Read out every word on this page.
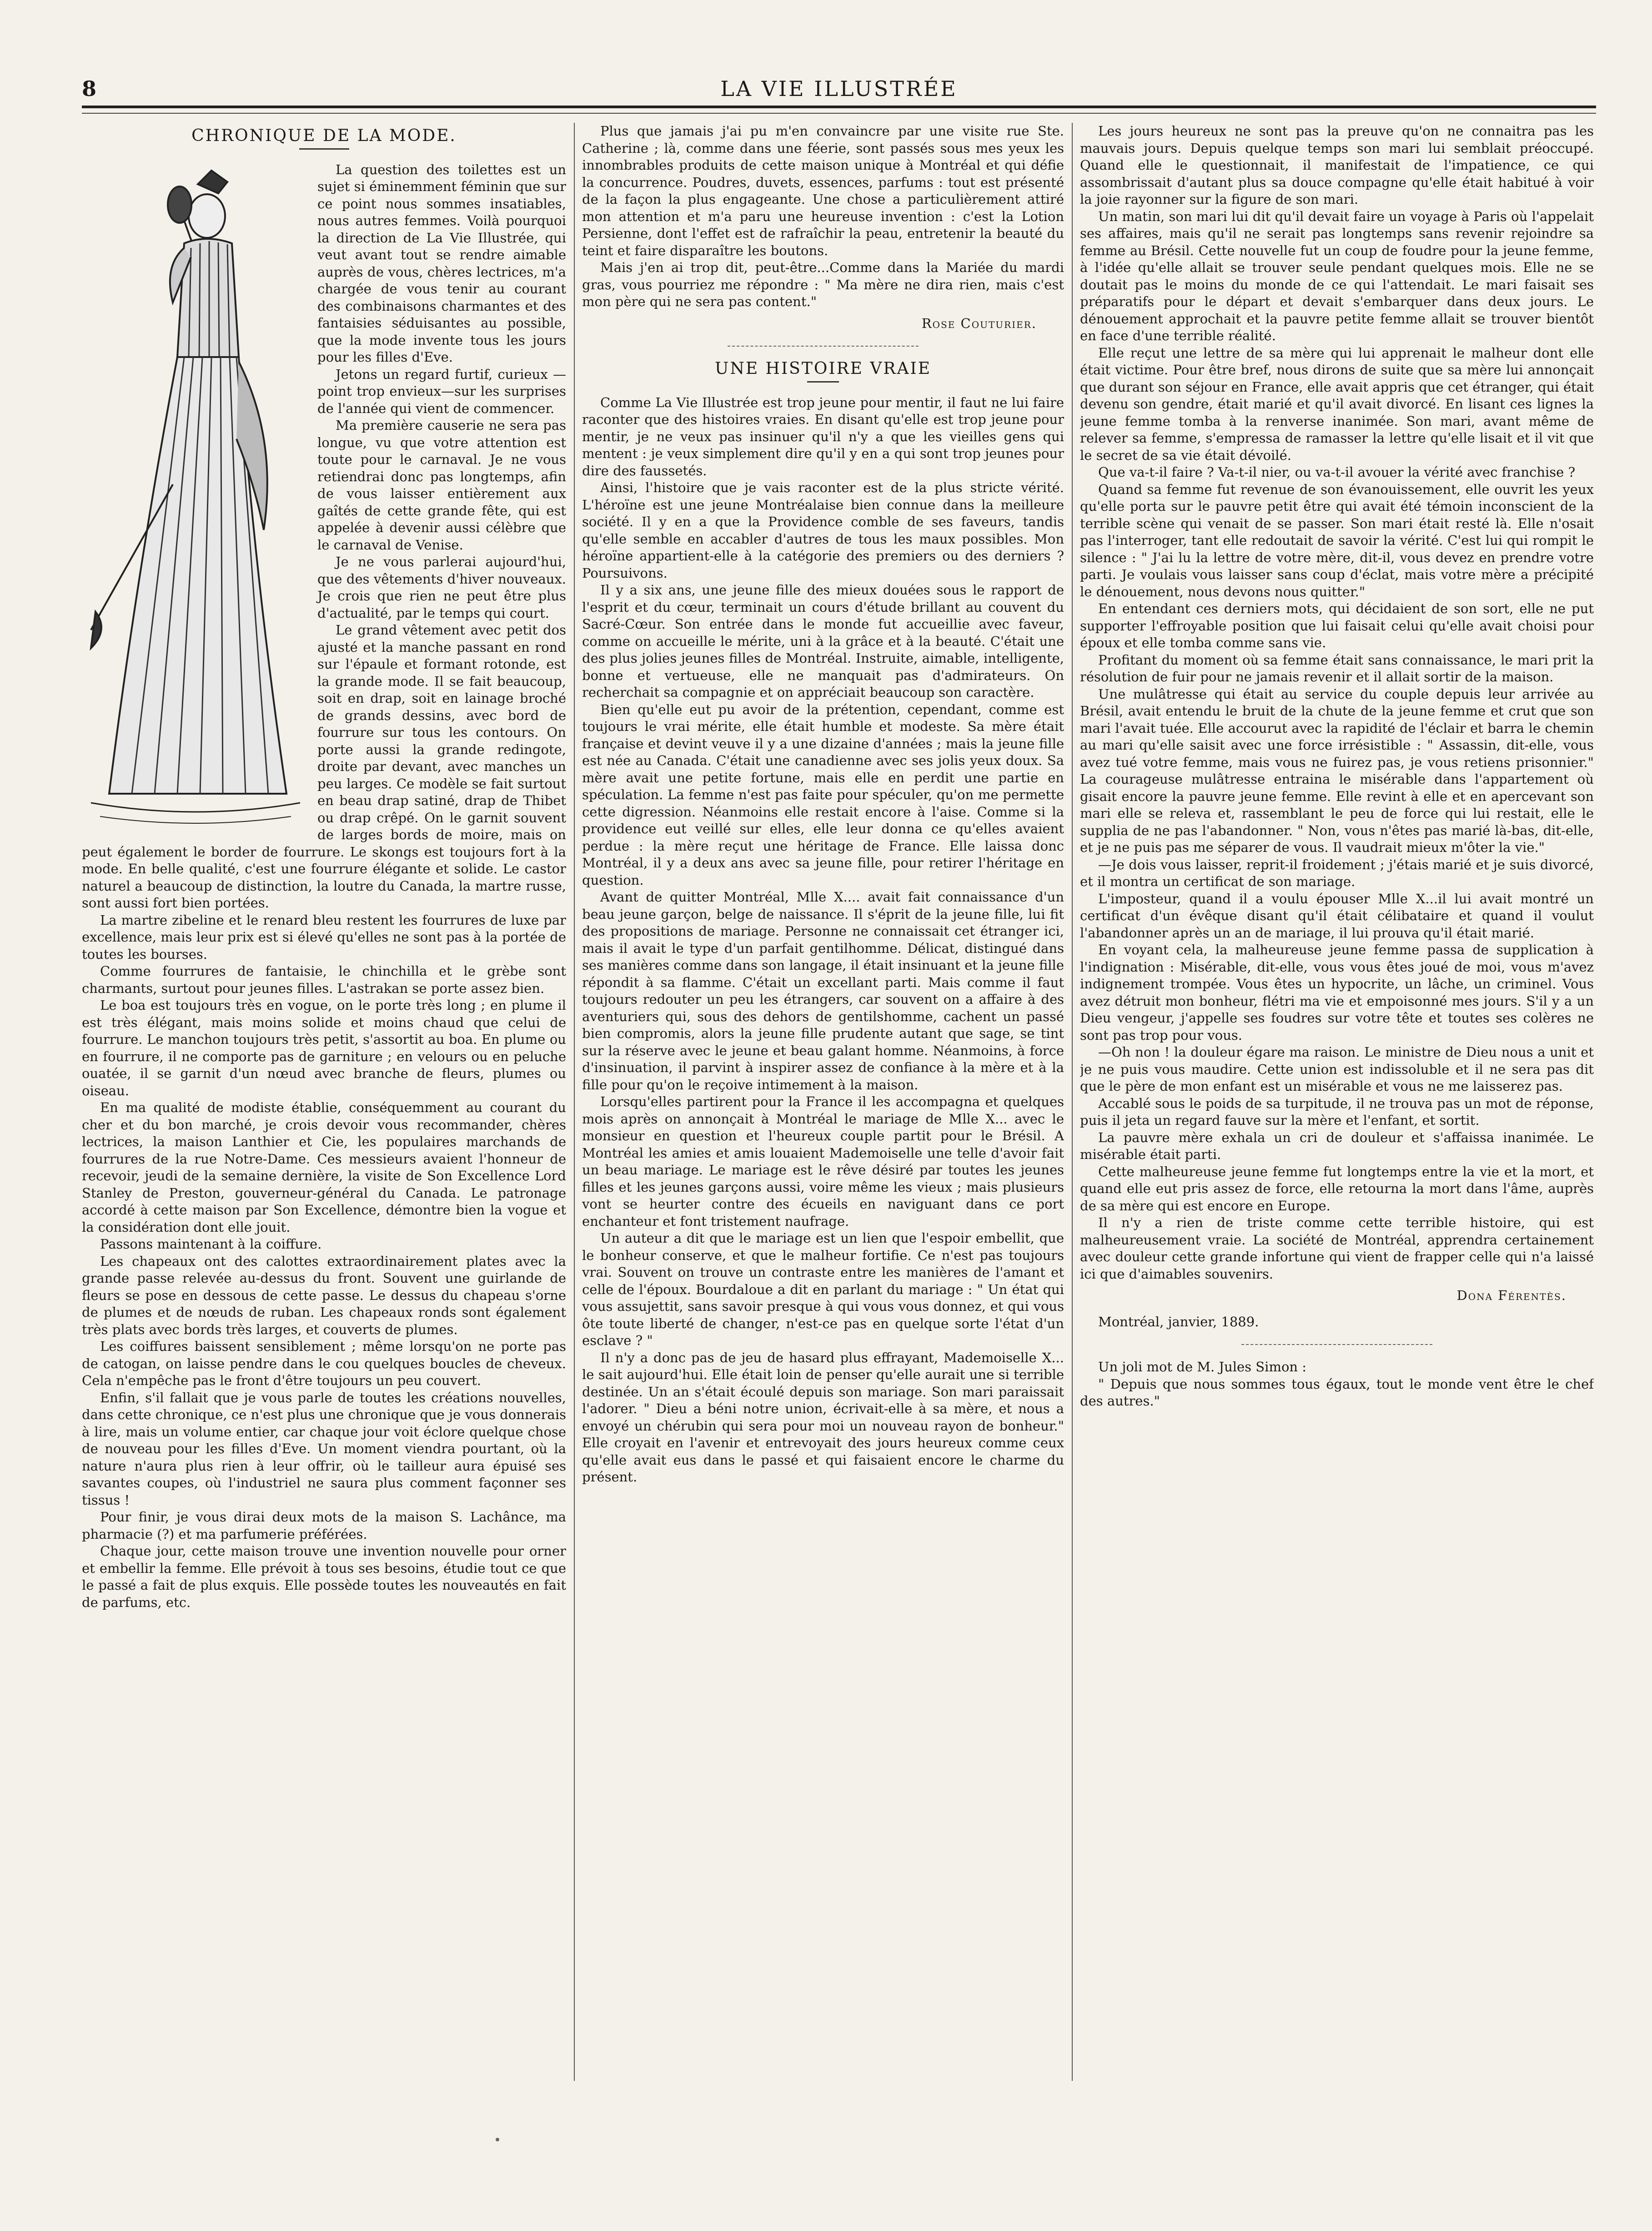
8	LA VIE ILLUSTRÉE
CHRONIQUE DE LA MODE.

La question des toilettes est un sujet si éminemment féminin que sur ce point nous sommes insatiables, nous autres femmes. Voilà pourquoi la direction de La Vie Illustrée, qui veut avant tout se rendre aimable auprès de vous, chères lectrices, m'a chargée de vous tenir au courant des combinaisons charmantes et des fantaisies séduisantes au possible, que la mode invente tous les jours pour les filles d'Eve.

Jetons un regard furtif, curieux — point trop envieux—sur les surprises de l'année qui vient de commencer.

Ma première causerie ne sera pas longue, vu que votre attention est toute pour le carnaval. Je ne vous retiendrai donc pas longtemps, afin de vous laisser entièrement aux gaîtés de cette grande fête, qui est appelée à devenir aussi célèbre que le carnaval de Venise.

Je ne vous parlerai aujourd'hui, que des vêtements d'hiver nouveaux. Je crois que rien ne peut être plus d'actualité, par le temps qui court.

Le grand vêtement avec petit dos ajusté et la manche passant en rond sur l'épaule et formant rotonde, est la grande mode. Il se fait beaucoup, soit en drap, soit en lainage broché de grands dessins, avec bord de fourrure sur tous les contours. On porte aussi la grande redingote, droite par devant, avec manches un peu larges. Ce modèle se fait surtout en beau drap satiné, drap de Thibet ou drap crêpé. On le garnit souvent de larges bords de moire, mais on peut également le border de fourrure. Le skongs est toujours fort à la mode. En belle qualité, c'est une fourrure élégante et solide. Le castor naturel a beaucoup de distinction, la loutre du Canada, la martre russe, sont aussi fort bien portées.

La martre zibeline et le renard bleu restent les fourrures de luxe par excellence, mais leur prix est si élevé qu'elles ne sont pas à la portée de toutes les bourses.

Comme fourrures de fantaisie, le chinchilla et le grèbe sont charmants, surtout pour jeunes filles. L'astrakan se porte assez bien.

Le boa est toujours très en vogue, on le porte très long ; en plume il est très élégant, mais moins solide et moins chaud que celui de fourrure. Le manchon toujours très petit, s'assortit au boa. En plume ou en fourrure, il ne comporte pas de garniture ; en velours ou en peluche ouatée, il se garnit d'un nœud avec branche de fleurs, plumes ou oiseau.

En ma qualité de modiste établie, conséquemment au courant du cher et du bon marché, je crois devoir vous recommander, chères lectrices, la maison Lanthier et Cie, les populaires marchands de fourrures de la rue Notre-Dame. Ces messieurs avaient l'honneur de recevoir, jeudi de la semaine dernière, la visite de Son Excellence Lord Stanley de Preston, gouverneur-général du Canada. Le patronage accordé à cette maison par Son Excellence, démontre bien la vogue et la considération dont elle jouit.

Passons maintenant à la coiffure.

Les chapeaux ont des calottes extraordinairement plates avec la grande passe relevée au-dessus du front. Souvent une guirlande de fleurs se pose en dessous de cette passe. Le dessus du chapeau s'orne de plumes et de nœuds de ruban. Les chapeaux ronds sont également très plats avec bords très larges, et couverts de plumes.

Les coiffures baissent sensiblement ; même lorsqu'on ne porte pas de catogan, on laisse pendre dans le cou quelques boucles de cheveux. Cela n'empêche pas le front d'être toujours un peu couvert.

Enfin, s'il fallait que je vous parle de toutes les créations nouvelles, dans cette chronique, ce n'est plus une chronique que je vous donnerais à lire, mais un volume entier, car chaque jour voit éclore quelque chose de nouveau pour les filles d'Eve. Un moment viendra pourtant, où la nature n'aura plus rien à leur offrir, où le tailleur aura épuisé ses savantes coupes, où l'industriel ne saura plus comment façonner ses tissus !

Pour finir, je vous dirai deux mots de la maison S. Lachânce, ma pharmacie (?) et ma parfumerie préférées.

Chaque jour, cette maison trouve une invention nouvelle pour orner et embellir la femme. Elle prévoit à tous ses besoins, étudie tout ce que le passé a fait de plus exquis. Elle possède toutes les nouveautés en fait de parfums, etc.

Plus que jamais j'ai pu m'en convaincre par une visite rue Ste. Catherine ; là, comme dans une féerie, sont passés sous mes yeux les innombrables produits de cette maison unique à Montréal et qui défie la concurrence. Poudres, duvets, essences, parfums : tout est présenté de la façon la plus engageante. Une chose a particulièrement attiré mon attention et m'a paru une heureuse invention : c'est la Lotion Persienne, dont l'effet est de rafraîchir la peau, entretenir la beauté du teint et faire disparaître les boutons.

Mais j'en ai trop dit, peut-être...Comme dans la Mariée du mardi gras, vous pourriez me répondre : " Ma mère ne dira rien, mais c'est mon père qui ne sera pas content."

Rose Couturier.

UNE HISTOIRE VRAIE

Comme La Vie Illustrée est trop jeune pour mentir, il faut ne lui faire raconter que des histoires vraies. En disant qu'elle est trop jeune pour mentir, je ne veux pas insinuer qu'il n'y a que les vieilles gens qui mentent : je veux simplement dire qu'il y en a qui sont trop jeunes pour dire des faussetés.

Ainsi, l'histoire que je vais raconter est de la plus stricte vérité. L'héroïne est une jeune Montréalaise bien connue dans la meilleure société. Il y en a que la Providence comble de ses faveurs, tandis qu'elle semble en accabler d'autres de tous les maux possibles. Mon héroïne appartient-elle à la catégorie des premiers ou des derniers ? Poursuivons.

Il y a six ans, une jeune fille des mieux douées sous le rapport de l'esprit et du cœur, terminait un cours d'étude brillant au couvent du Sacré-Cœur. Son entrée dans le monde fut accueillie avec faveur, comme on accueille le mérite, uni à la grâce et à la beauté. C'était une des plus jolies jeunes filles de Montréal. Instruite, aimable, intelligente, bonne et vertueuse, elle ne manquait pas d'admirateurs. On recherchait sa compagnie et on appréciait beaucoup son caractère.

Bien qu'elle eut pu avoir de la prétention, cependant, comme est toujours le vrai mérite, elle était humble et modeste. Sa mère était française et devint veuve il y a une dizaine d'années ; mais la jeune fille est née au Canada. C'était une canadienne avec ses jolis yeux doux. Sa mère avait une petite fortune, mais elle en perdit une partie en spéculation. La femme n'est pas faite pour spéculer, qu'on me permette cette digression. Néanmoins elle restait encore à l'aise. Comme si la providence eut veillé sur elles, elle leur donna ce qu'elles avaient perdue : la mère reçut une héritage de France. Elle laissa donc Montréal, il y a deux ans avec sa jeune fille, pour retirer l'héritage en question.

Avant de quitter Montréal, Mlle X.... avait fait connaissance d'un beau jeune garçon, belge de naissance. Il s'éprit de la jeune fille, lui fit des propositions de mariage. Personne ne connaissait cet étranger ici, mais il avait le type d'un parfait gentilhomme. Délicat, distingué dans ses manières comme dans son langage, il était insinuant et la jeune fille répondit à sa flamme. C'était un excellant parti. Mais comme il faut toujours redouter un peu les étrangers, car souvent on a affaire à des aventuriers qui, sous des dehors de gentilshomme, cachent un passé bien compromis, alors la jeune fille prudente autant que sage, se tint sur la réserve avec le jeune et beau galant homme. Néanmoins, à force d'insinuation, il parvint à inspirer assez de confiance à la mère et à la fille pour qu'on le reçoive intimement à la maison.

Lorsqu'elles partirent pour la France il les accompagna et quelques mois après on annonçait à Montréal le mariage de Mlle X... avec le monsieur en question et l'heureux couple partit pour le Brésil. A Montréal les amies et amis louaient Mademoiselle une telle d'avoir fait un beau mariage. Le mariage est le rêve désiré par toutes les jeunes filles et les jeunes garçons aussi, voire même les vieux ; mais plusieurs vont se heurter contre des écueils en naviguant dans ce port enchanteur et font tristement naufrage.

Un auteur a dit que le mariage est un lien que l'espoir embellit, que le bonheur conserve, et que le malheur fortifie. Ce n'est pas toujours vrai. Souvent on trouve un contraste entre les manières de l'amant et celle de l'époux. Bourdaloue a dit en parlant du mariage : " Un état qui vous assujettit, sans savoir presque à qui vous vous donnez, et qui vous ôte toute liberté de changer, n'est-ce pas en quelque sorte l'état d'un esclave ? "

Il n'y a donc pas de jeu de hasard plus effrayant, Mademoiselle X... le sait aujourd'hui. Elle était loin de penser qu'elle aurait une si terrible destinée. Un an s'était écoulé depuis son mariage. Son mari paraissait l'adorer. " Dieu a béni notre union, écrivait-elle à sa mère, et nous a envoyé un chérubin qui sera pour moi un nouveau rayon de bonheur." Elle croyait en l'avenir et entrevoyait des jours heureux comme ceux qu'elle avait eus dans le passé et qui faisaient encore le charme du présent.

Les jours heureux ne sont pas la preuve qu'on ne connaitra pas les mauvais jours. Depuis quelque temps son mari lui semblait préoccupé. Quand elle le questionnait, il manifestait de l'impatience, ce qui assombrissait d'autant plus sa douce compagne qu'elle était habitué à voir la joie rayonner sur la figure de son mari.

Un matin, son mari lui dit qu'il devait faire un voyage à Paris où l'appelait ses affaires, mais qu'il ne serait pas longtemps sans revenir rejoindre sa femme au Brésil. Cette nouvelle fut un coup de foudre pour la jeune femme, à l'idée qu'elle allait se trouver seule pendant quelques mois. Elle ne se doutait pas le moins du monde de ce qui l'attendait. Le mari faisait ses préparatifs pour le départ et devait s'embarquer dans deux jours. Le dénouement approchait et la pauvre petite femme allait se trouver bientôt en face d'une terrible réalité.

Elle reçut une lettre de sa mère qui lui apprenait le malheur dont elle était victime. Pour être bref, nous dirons de suite que sa mère lui annonçait que durant son séjour en France, elle avait appris que cet étranger, qui était devenu son gendre, était marié et qu'il avait divorcé. En lisant ces lignes la jeune femme tomba à la renverse inanimée. Son mari, avant même de relever sa femme, s'empressa de ramasser la lettre qu'elle lisait et il vit que le secret de sa vie était dévoilé.

Que va-t-il faire ? Va-t-il nier, ou va-t-il avouer la vérité avec franchise ?

Quand sa femme fut revenue de son évanouissement, elle ouvrit les yeux qu'elle porta sur le pauvre petit être qui avait été témoin inconscient de la terrible scène qui venait de se passer. Son mari était resté là. Elle n'osait pas l'interroger, tant elle redoutait de savoir la vérité. C'est lui qui rompit le silence : " J'ai lu la lettre de votre mère, dit-il, vous devez en prendre votre parti. Je voulais vous laisser sans coup d'éclat, mais votre mère a précipité le dénouement, nous devons nous quitter."

En entendant ces derniers mots, qui décidaient de son sort, elle ne put supporter l'effroyable position que lui faisait celui qu'elle avait choisi pour époux et elle tomba comme sans vie.

Profitant du moment où sa femme était sans connaissance, le mari prit la résolution de fuir pour ne jamais revenir et il allait sortir de la maison.

Une mulâtresse qui était au service du couple depuis leur arrivée au Brésil, avait entendu le bruit de la chute de la jeune femme et crut que son mari l'avait tuée. Elle accourut avec la rapidité de l'éclair et barra le chemin au mari qu'elle saisit avec une force irrésistible : " Assassin, dit-elle, vous avez tué votre femme, mais vous ne fuirez pas, je vous retiens prisonnier." La courageuse mulâtresse entraina le misérable dans l'appartement où gisait encore la pauvre jeune femme. Elle revint à elle et en apercevant son mari elle se releva et, rassemblant le peu de force qui lui restait, elle le supplia de ne pas l'abandonner. " Non, vous n'êtes pas marié là-bas, dit-elle, et je ne puis pas me séparer de vous. Il vaudrait mieux m'ôter la vie."

—Je dois vous laisser, reprit-il froidement ; j'étais marié et je suis divorcé, et il montra un certificat de son mariage.

L'imposteur, quand il a voulu épouser Mlle X...il lui avait montré un certificat d'un évêque disant qu'il était célibataire et quand il voulut l'abandonner après un an de mariage, il lui prouva qu'il était marié.

En voyant cela, la malheureuse jeune femme passa de supplication à l'indignation : Misérable, dit-elle, vous vous êtes joué de moi, vous m'avez indignement trompée. Vous êtes un hypocrite, un lâche, un criminel. Vous avez détruit mon bonheur, flétri ma vie et empoisonné mes jours. S'il y a un Dieu vengeur, j'appelle ses foudres sur votre tête et toutes ses colères ne sont pas trop pour vous.

—Oh non ! la douleur égare ma raison. Le ministre de Dieu nous a unit et je ne puis vous maudire. Cette union est indissoluble et il ne sera pas dit que le père de mon enfant est un misérable et vous ne me laisserez pas.

Accablé sous le poids de sa turpitude, il ne trouva pas un mot de réponse, puis il jeta un regard fauve sur la mère et l'enfant, et sortit.

La pauvre mère exhala un cri de douleur et s'affaissa inanimée. Le misérable était parti.

Cette malheureuse jeune femme fut longtemps entre la vie et la mort, et quand elle eut pris assez de force, elle retourna la mort dans l'âme, auprès de sa mère qui est encore en Europe.

Il n'y a rien de triste comme cette terrible histoire, qui est malheureusement vraie. La société de Montréal, apprendra certainement avec douleur cette grande infortune qui vient de frapper celle qui n'a laissé ici que d'aimables souvenirs.

Dona Férentès.

Montréal, janvier, 1889.

Un joli mot de M. Jules Simon :

" Depuis que nous sommes tous égaux, tout le monde vent être le chef des autres."
